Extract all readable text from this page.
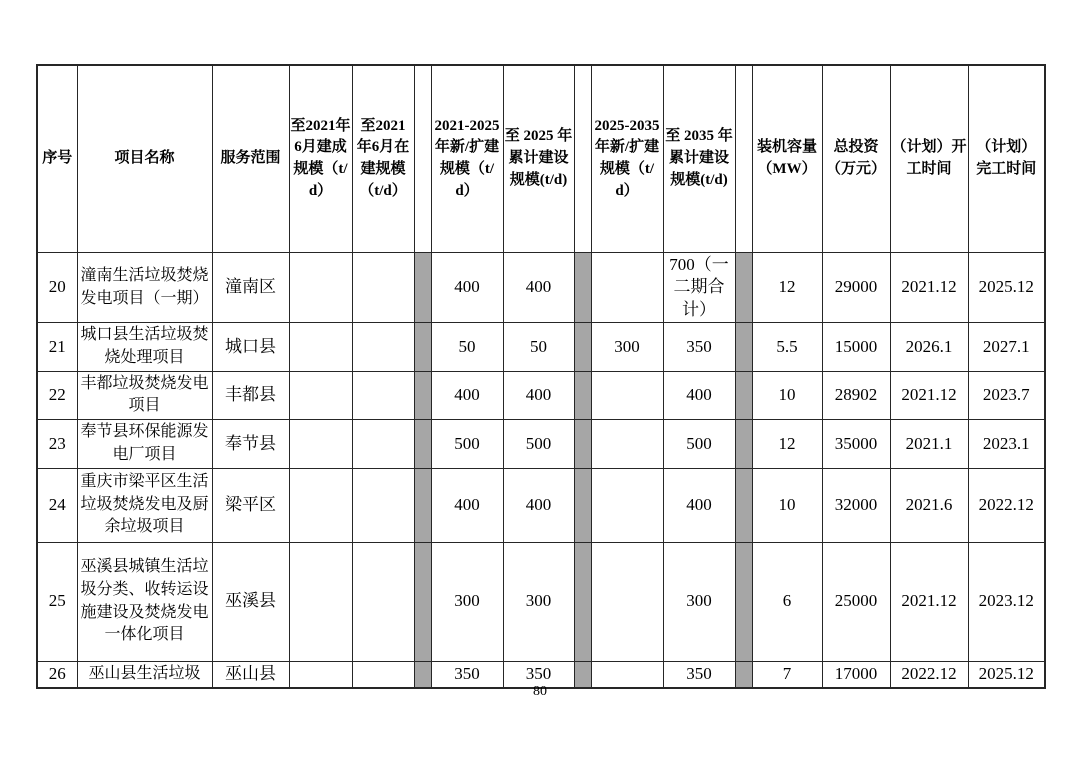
序号	项目名称	服务范围	至2021年6月建成规模（t/d）	至2021年6月在建规模（t/d）		2021-2025 年新/扩建规模（t/d）	至 2025 年累计建设规模(t/d)		2025-2035 年新/扩建规模（t/d）	至 2035 年累计建设规模(t/d)		装机容量（MW）	总投资（万元）	（计划）开工时间	（计划）完工时间
20	潼南生活垃圾焚烧发电项目（一期）	潼南区				400	400			700（一二期合计）		12	29000	2021.12	2025.12
21	城口县生活垃圾焚烧处理项目	城口县				50	50		300	350		5.5	15000	2026.1	2027.1
22	丰都垃圾焚烧发电项目	丰都县				400	400			400		10	28902	2021.12	2023.7
23	奉节县环保能源发电厂项目	奉节县				500	500			500		12	35000	2021.1	2023.1
24	重庆市梁平区生活垃圾焚烧发电及厨余垃圾项目	梁平区				400	400			400		10	32000	2021.6	2022.12
25	巫溪县城镇生活垃圾分类、收转运设施建设及焚烧发电一体化项目	巫溪县				300	300			300		6	25000	2021.12	2023.12
26	巫山县生活垃圾	巫山县				350	350			350		7	17000	2022.12	2025.12
80
